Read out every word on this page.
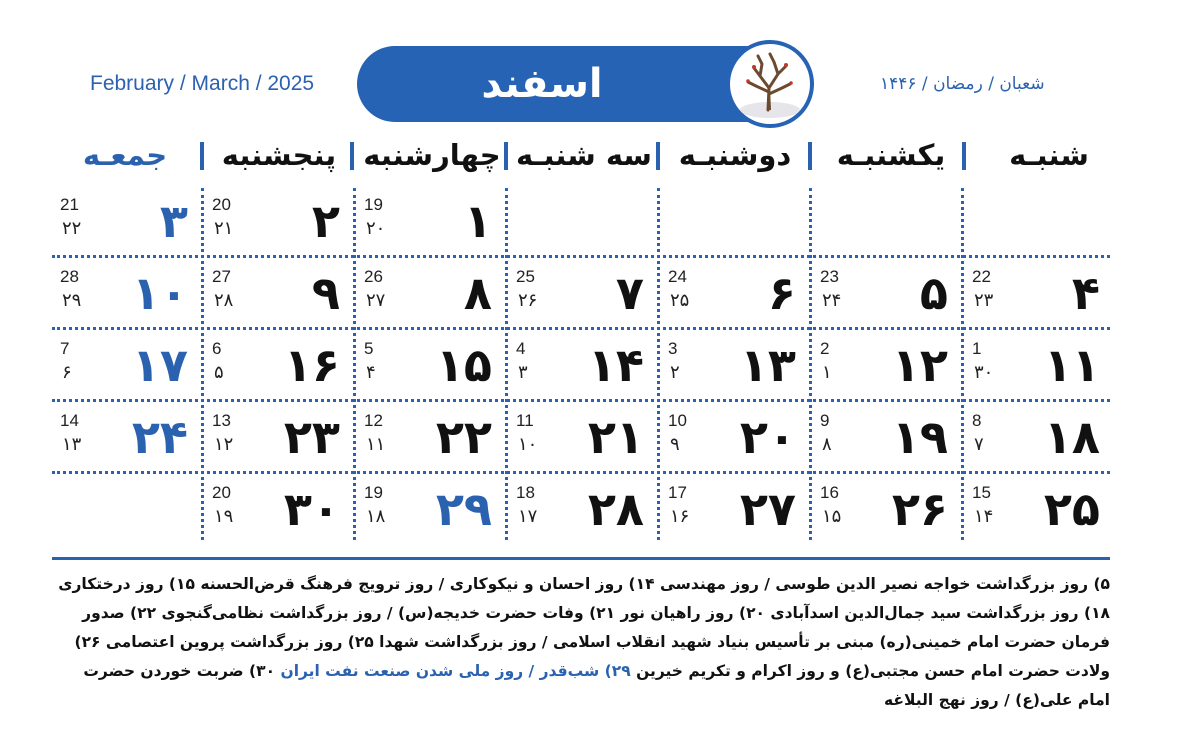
February / March / 2025	شعبان / رمضان / ۱۴۴۶
اسفند
شنبـه
یکشنبـه
دوشنبـه
سه شنبـه
چهارشنبه
پنجشنبه
جمعـه
19
۲۰ ۱
20
۲۱ ۲
21
۲۲ ۳
22
۲۳ ۴
23
۲۴ ۵
24
۲۵ ۶
25
۲۶ ۷
26
۲۷ ۸
27
۲۸ ۹
28
۲۹ ۱۰
1
۳۰ ۱۱
2
۱ ۱۲
3
۲ ۱۳
4
۳ ۱۴
5
۴ ۱۵
6
۵ ۱۶
7
۶ ۱۷
8
۷ ۱۸
9
۸ ۱۹
10
۹ ۲۰
11
۱۰ ۲۱
12
۱۱ ۲۲
13
۱۲ ۲۳
14
۱۳ ۲۴
15
۱۴ ۲۵
16
۱۵ ۲۶
17
۱۶ ۲۷
18
۱۷ ۲۸
19
۱۸ ۲۹
20
۱۹ ۳۰
۵) روز بزرگداشت خواجه نصیر الدین طوسی / روز مهندسی ۱۴) روز احسان و نیکوکاری / روز ترویج فرهنگ قرض‌الحسنه ۱۵) روز درختکاری ۱۸) روز بزرگداشت سید جمال‌الدین اسدآبادی ۲۰) روز راهیان نور ۲۱) وفات حضرت خدیجه(س) / روز بزرگداشت نظامی‌گنجوی ۲۲) صدور فرمان حضرت امام خمینی(ره) مبنی بر تأسیس بنیاد شهید انقلاب اسلامی / روز بزرگداشت شهدا ۲۵) روز بزرگداشت پروین اعتصامی ۲۶) ولادت حضرت امام حسن مجتبی(ع) و روز اکرام و تکریم خیرین ۲۹) شب‌قدر / روز ملی شدن صنعت نفت ایران ۳۰) ضربت خوردن حضرت امام علی(ع) / روز نهج البلاغه
